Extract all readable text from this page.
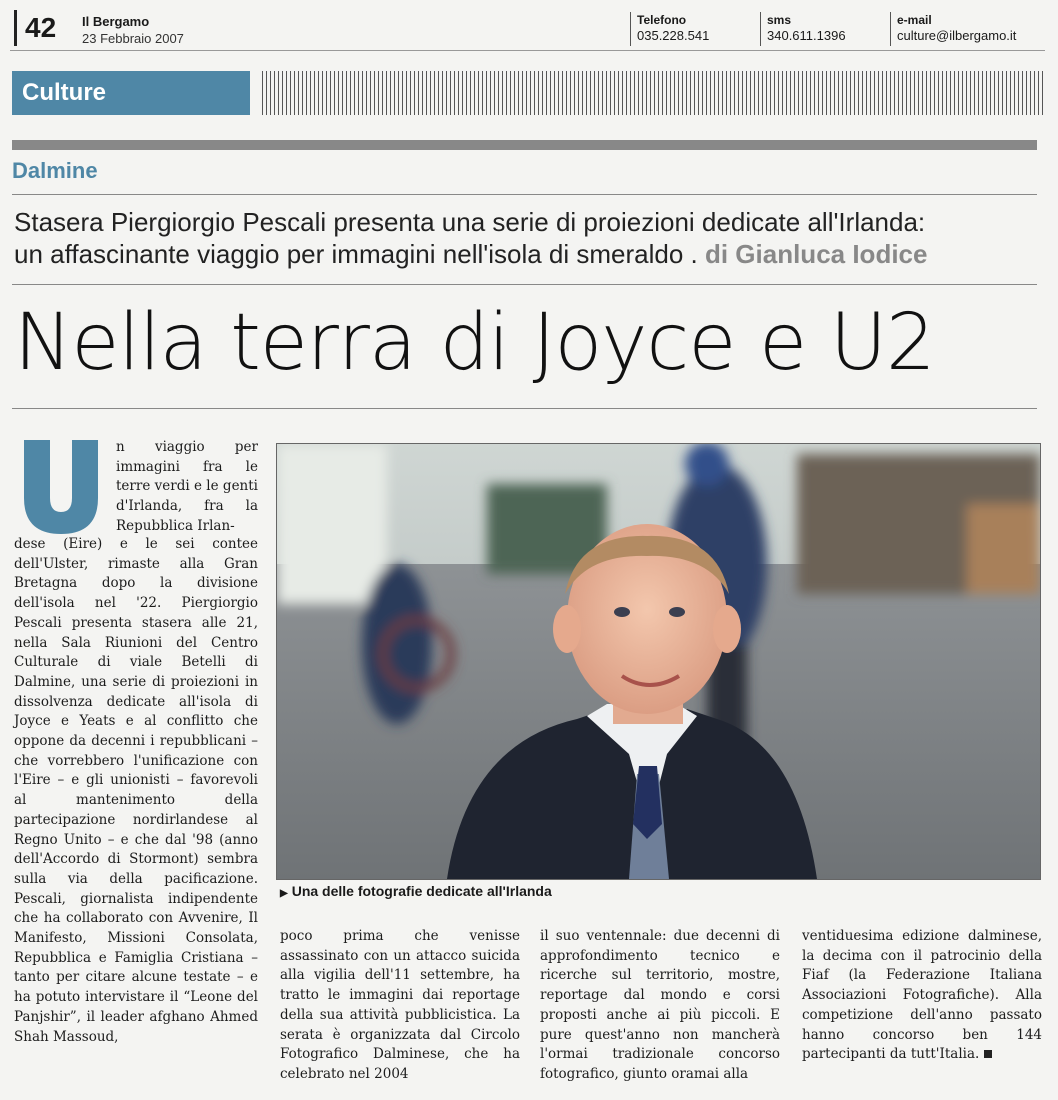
42	Il Bergamo
23 Febbraio 2007
Telefono
035.228.541
sms
340.611.1396
e-mail
culture@ilbergamo.it
Culture
Dalmine
Stasera Piergiorgio Pescali presenta una serie di proiezioni dedicate all'Irlanda:
un affascinante viaggio per immagini nell'isola di smeraldo . di Gianluca Iodice
Nella terra di Joyce e U2
n viaggio per immagini fra le terre verdi e le genti d'Irlanda, fra la Repubblica Irlan-
dese (Eire) e le sei contee dell'Ulster, rimaste alla Gran Bretagna dopo la divisione dell'isola nel '22. Piergiorgio Pescali presenta stasera alle 21, nella Sala Riunioni del Centro Culturale di viale Betelli di Dalmine, una serie di proiezioni in dissolvenza dedicate all'isola di Joyce e Yeats e al conflitto che oppone da decenni i repubblicani – che vorrebbero l'unificazione con l'Eire – e gli unionisti – favorevoli al mantenimento della partecipazione nordirlandese al Regno Unito – e che dal '98 (anno dell'Accordo di Stormont) sembra sulla via della pacificazione. Pescali, giornalista indipendente che ha collaborato con Avvenire, Il Manifesto, Missioni Consolata, Repubblica e Famiglia Cristiana – tanto per citare alcune testate – e ha potuto intervistare il “Leone del Panjshir”, il leader afghano Ahmed Shah Massoud,
▶ Una delle fotografie dedicate all'Irlanda
poco prima che venisse assassinato con un attacco suicida alla vigilia dell'11 settembre, ha tratto le immagini dai reportage della sua attività pubblicistica. La serata è organizzata dal Circolo Fotografico Dalminese, che ha celebrato nel 2004
il suo ventennale: due decenni di approfondimento tecnico e ricerche sul territorio, mostre, reportage dal mondo e corsi proposti anche ai più piccoli. E pure quest'anno non mancherà l'ormai tradizionale concorso fotografico, giunto oramai alla
ventiduesima edizione dalminese, la decima con il patrocinio della Fiaf (la Federazione Italiana Associazioni Fotografiche). Alla competizione dell'anno passato hanno concorso ben 144 partecipanti da tutt'Italia.
